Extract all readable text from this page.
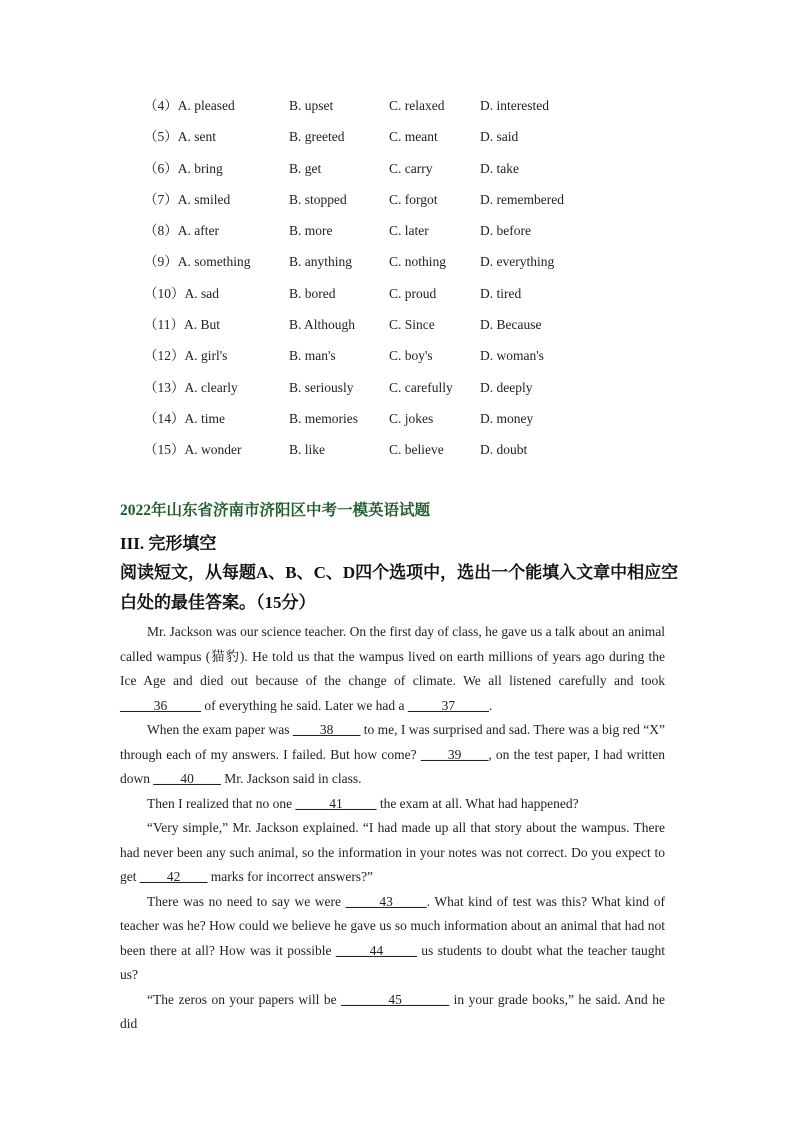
（4）A. pleased	B. upset	C. relaxed	D. interested
（5）A. sent	B. greeted	C. meant	D. said
（6）A. bring	B. get	C. carry	D. take
（7）A. smiled	B. stopped	C. forgot	D. remembered
（8）A. after	B. more	C. later	D. before
（9）A. something	B. anything	C. nothing	D. everything
（10）A. sad	B. bored	C. proud	D. tired
（11）A. But	B. Although	C. Since	D. Because
（12）A. girl's	B. man's	C. boy's	D. woman's
（13）A. clearly	B. seriously	C. carefully D. deeply
（14）A. time	B. memories C. jokes	D. money
（15）A. wonder	B. like	C. believe	D. doubt
2022年山东省济南市济阳区中考一模英语试题
III. 完形填空
阅读短文，从每题A、B、C、D四个选项中，选出一个能填入文章中相应空白处的最佳答案。（15分）

Mr. Jackson was our science teacher. On the first day of class, he gave us a talk about an animal called wampus (猫豹). He told us that the wampus lived on earth millions of years ago during the Ice Age and died out because of the change of climate. We all listened carefully and took _____36_____ of everything he said. Later we had a _____37_____.

When the exam paper was ____38____ to me, I was surprised and sad. There was a big red “X” through each of my answers. I failed. But how come? ____39____, on the test paper, I had written down ____40____ Mr. Jackson said in class.

Then I realized that no one _____41_____ the exam at all. What had happened?

“Very simple,” Mr. Jackson explained. “I had made up all that story about the wampus. There had never been any such animal, so the information in your notes was not correct. Do you expect to get ____42____ marks for incorrect answers?”

There was no need to say we were _____43_____. What kind of test was this? What kind of teacher was he? How could we believe he gave us so much information about an animal that had not been there at all? How was it possible _____44_____ us students to doubt what the teacher taught us?

“The zeros on your papers will be _______45_______ in your grade books,” he said. And he did
